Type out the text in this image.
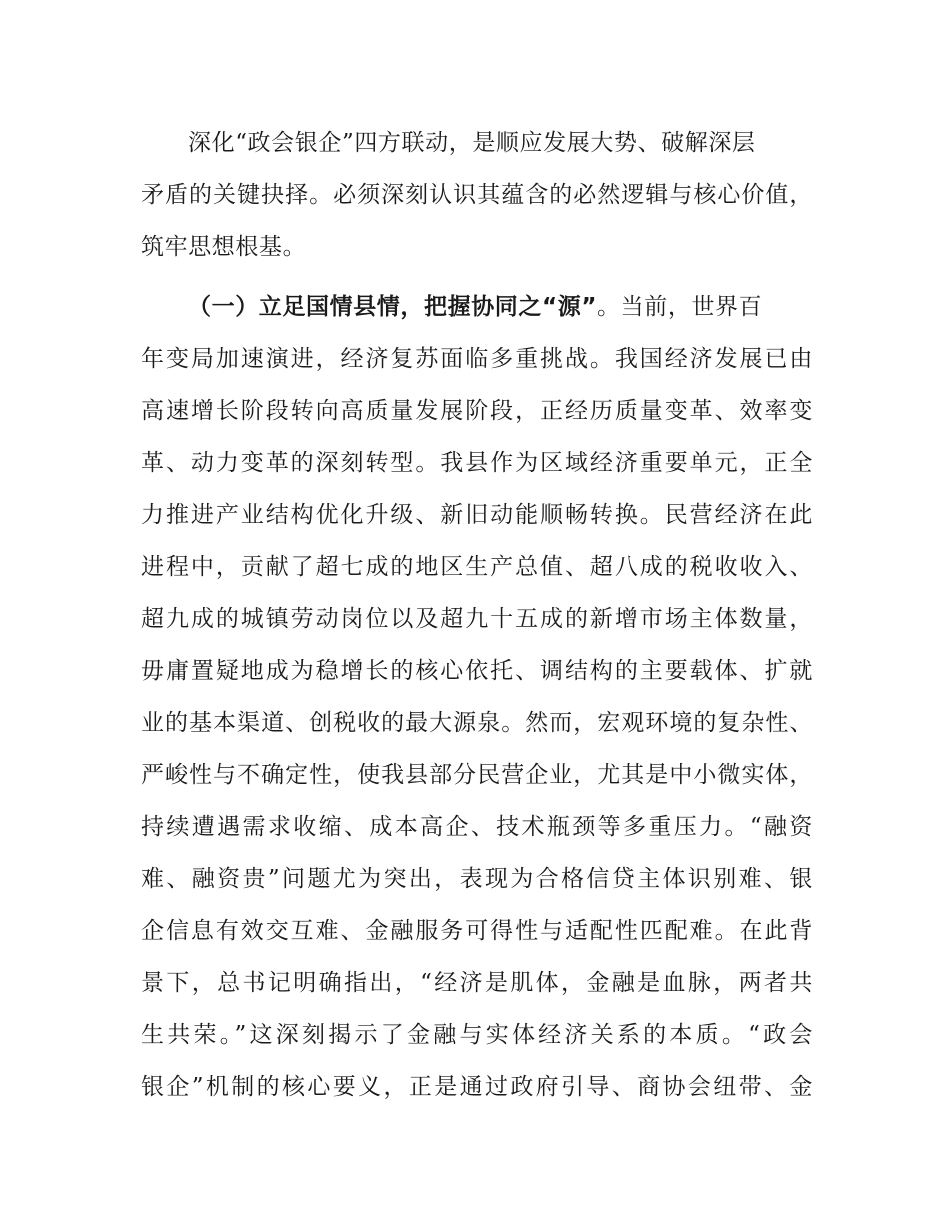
深化“政会银企”四方联动，是顺应发展大势、破解深层
矛盾的关键抉择。必须深刻认识其蕴含的必然逻辑与核心价值，
筑牢思想根基。
（一）立足国情县情，把握协同之“源”。当前，世界百
年变局加速演进，经济复苏面临多重挑战。我国经济发展已由
高速增长阶段转向高质量发展阶段，正经历质量变革、效率变
革、动力变革的深刻转型。我县作为区域经济重要单元，正全
力推进产业结构优化升级、新旧动能顺畅转换。民营经济在此
进程中，贡献了超七成的地区生产总值、超八成的税收收入、
超九成的城镇劳动岗位以及超九十五成的新增市场主体数量，
毋庸置疑地成为稳增长的核心依托、调结构的主要载体、扩就
业的基本渠道、创税收的最大源泉。然而，宏观环境的复杂性、
严峻性与不确定性，使我县部分民营企业，尤其是中小微实体，
持续遭遇需求收缩、成本高企、技术瓶颈等多重压力。“融资
难、融资贵”问题尤为突出，表现为合格信贷主体识别难、银
企信息有效交互难、金融服务可得性与适配性匹配难。在此背
景下，总书记明确指出，“经济是肌体，金融是血脉，两者共
生共荣。”这深刻揭示了金融与实体经济关系的本质。“政会
银企”机制的核心要义，正是通过政府引导、商协会纽带、金
